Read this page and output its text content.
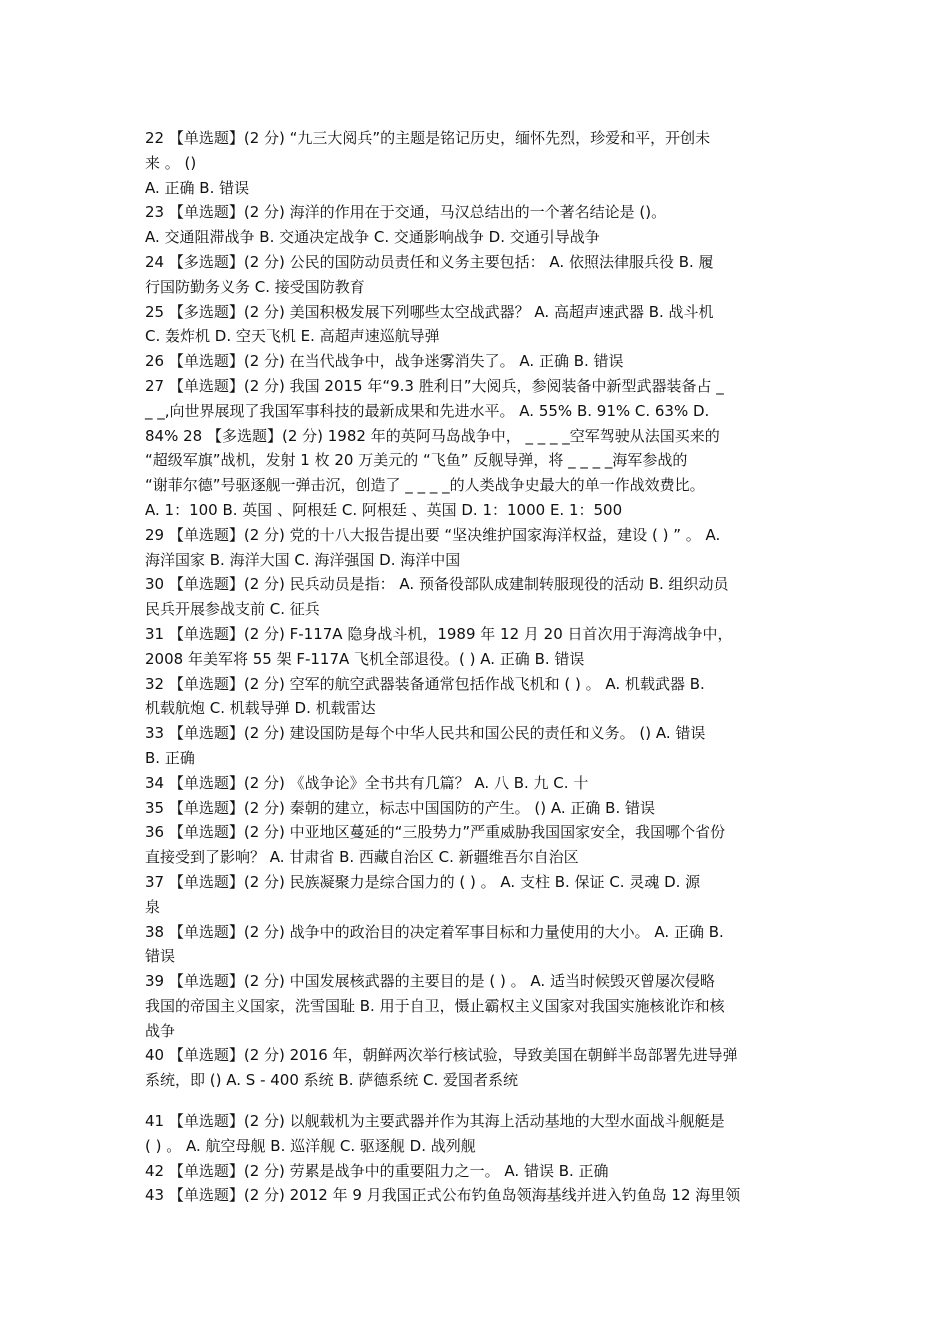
22 【单选题】(2 分) “九三大阅兵”的主题是铭记历史，缅怀先烈，珍爱和平，开创未
来 。 ()
A. 正确 B. 错误
23 【单选题】(2 分) 海洋的作用在于交通，马汉总结出的一个著名结论是 ()。
A. 交通阻滞战争 B. 交通决定战争 C. 交通影响战争 D. 交通引导战争
24 【多选题】(2 分) 公民的国防动员责任和义务主要包括： A. 依照法律服兵役 B. 履
行国防勤务义务 C. 接受国防教育
25 【多选题】(2 分) 美国积极发展下列哪些太空战武器？ A. 高超声速武器 B. 战斗机
C. 轰炸机 D. 空天飞机 E. 高超声速巡航导弹
26 【单选题】(2 分) 在当代战争中，战争迷雾消失了。 A. 正确 B. 错误
27 【单选题】(2 分) 我国 2015 年“9.3 胜利日”大阅兵，参阅装备中新型武器装备占 _
_ _,向世界展现了我国军事科技的最新成果和先进水平。 A. 55% B. 91% C. 63% D.
84% 28 【多选题】(2 分) 1982 年的英阿马岛战争中， _ _ _ _空军驾驶从法国买来的
“超级军旗”战机，发射 1 枚 20 万美元的 “飞鱼” 反舰导弹，将 _ _ _ _海军参战的
“谢菲尔德”号驱逐舰一弹击沉，创造了 _ _ _ _的人类战争史最大的单一作战效费比。
A. 1：100 B. 英国 、阿根廷 C. 阿根廷 、英国 D. 1：1000 E. 1：500
29 【单选题】(2 分) 党的十八大报告提出要 “坚决维护国家海洋权益，建设 ( ) ” 。 A.
海洋国家 B. 海洋大国 C. 海洋强国 D. 海洋中国
30 【单选题】(2 分) 民兵动员是指： A. 预备役部队成建制转服现役的活动 B. 组织动员
民兵开展参战支前 C. 征兵
31 【单选题】(2 分) F-117A 隐身战斗机，1989 年 12 月 20 日首次用于海湾战争中，
2008 年美军将 55 架 F-117A 飞机全部退役。( ) A. 正确 B. 错误
32 【单选题】(2 分) 空军的航空武器装备通常包括作战飞机和 ( ) 。 A. 机载武器 B.
机载航炮 C. 机载导弹 D. 机载雷达
33 【单选题】(2 分) 建设国防是每个中华人民共和国公民的责任和义务。 () A. 错误
B. 正确
34 【单选题】(2 分) 《战争论》全书共有几篇？ A. 八 B. 九 C. 十
35 【单选题】(2 分) 秦朝的建立，标志中国国防的产生。 () A. 正确 B. 错误
36 【单选题】(2 分) 中亚地区蔓延的“三股势力”严重威胁我国国家安全，我国哪个省份
直接受到了影响？ A. 甘肃省 B. 西藏自治区 C. 新疆维吾尔自治区
37 【单选题】(2 分) 民族凝聚力是综合国力的 ( ) 。 A. 支柱 B. 保证 C. 灵魂 D. 源
泉
38 【单选题】(2 分) 战争中的政治目的决定着军事目标和力量使用的大小。 A. 正确 B.
错误
39 【单选题】(2 分) 中国发展核武器的主要目的是 ( ) 。 A. 适当时候毁灭曾屡次侵略
我国的帝国主义国家，洗雪国耻 B. 用于自卫，慑止霸权主义国家对我国实施核讹诈和核
战争
40 【单选题】(2 分) 2016 年，朝鲜两次举行核试验，导致美国在朝鲜半岛部署先进导弹
系统，即 () A. S - 400 系统 B. 萨德系统 C. 爱国者系统
41 【单选题】(2 分) 以舰载机为主要武器并作为其海上活动基地的大型水面战斗舰艇是
( ) 。 A. 航空母舰 B. 巡洋舰 C. 驱逐舰 D. 战列舰
42 【单选题】(2 分) 劳累是战争中的重要阻力之一。 A. 错误 B. 正确
43 【单选题】(2 分) 2012 年 9 月我国正式公布钓鱼岛领海基线并进入钓鱼岛 12 海里领
